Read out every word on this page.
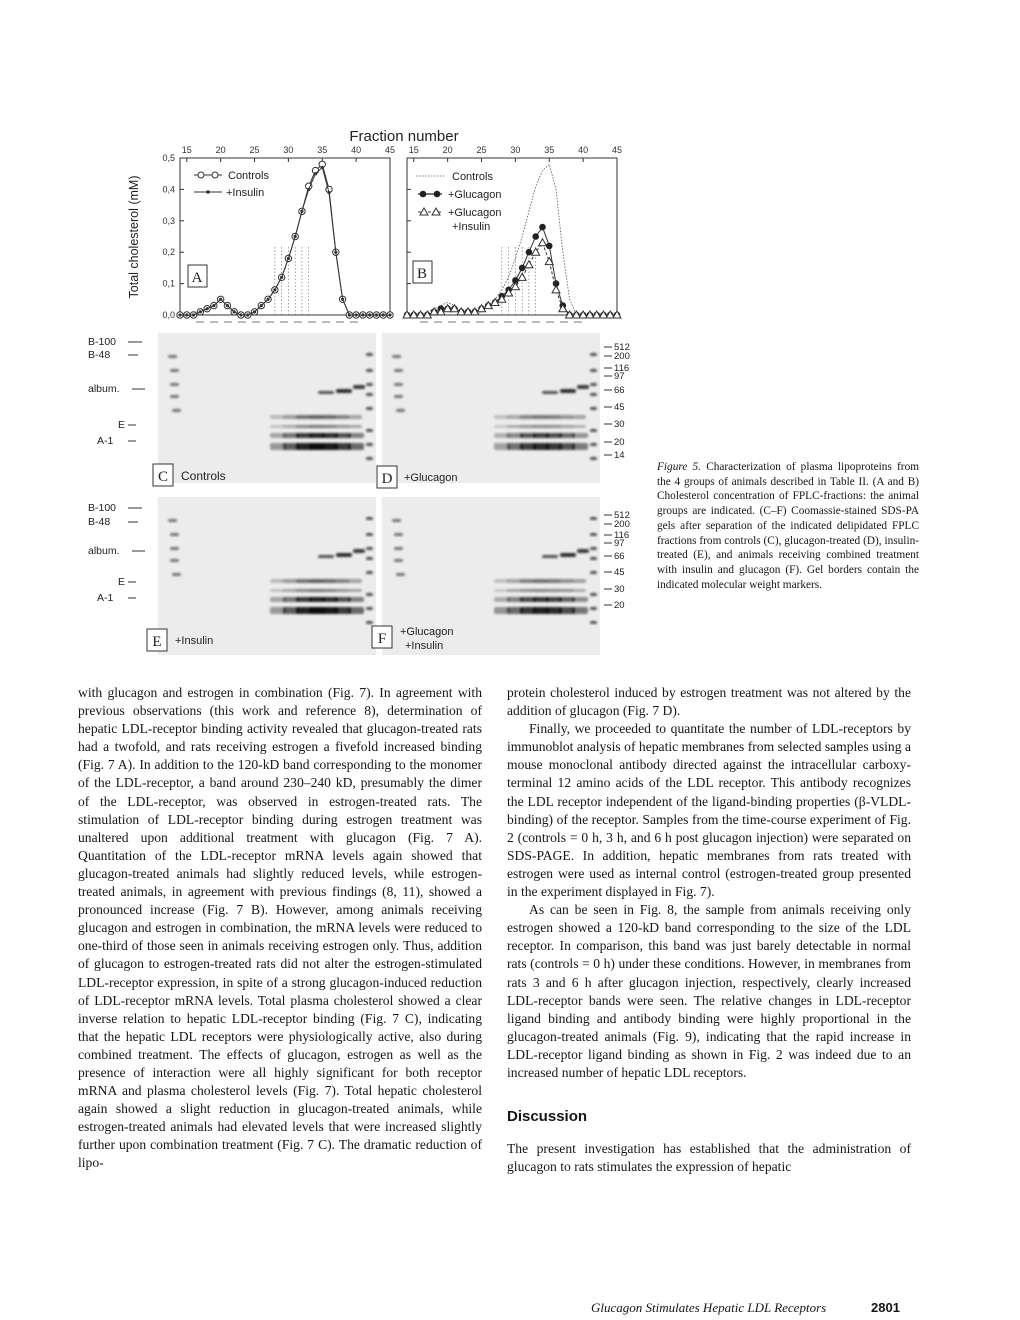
Fraction number
Total cholesterol (mM)
0,5
0,4
0,3
0,2
0,1
0,0
15	20	25	30	35	40	45
Controls
+Insulin
A
15	20	25	30	35	40	45
Controls
+Glucagon
+Glucagon
+Insulin
B
B-100
B-48
album.
E
A-1
B-100
B-48
album.
E
A-1
512
200
116
97
66
45
30
20
14
512
200
116
97
66
45
30
20
C Controls	D +Glucagon
E +Insulin	F +Glucagon
+Insulin
Figure 5. Characterization of plasma lipoproteins from the 4 groups of animals described in Table II. (A and B) Cholesterol concentration of FPLC-fractions: the animal groups are indicated. (C–F) Coomassie-stained SDS-PA gels after separation of the indicated delipidated FPLC fractions from controls (C), glucagon-treated (D), insulin-treated (E), and animals receiving combined treatment with insulin and glucagon (F). Gel borders contain the indicated molecular weight markers.

with glucagon and estrogen in combination (Fig. 7). In agreement with previous observations (this work and reference 8), determination of hepatic LDL-receptor binding activity revealed that glucagon-treated rats had a twofold, and rats receiving estrogen a fivefold increased binding (Fig. 7 A). In addition to the 120-kD band corresponding to the monomer of the LDL-receptor, a band around 230–240 kD, presumably the dimer of the LDL-receptor, was observed in estrogen-treated rats. The stimulation of LDL-receptor binding during estrogen treatment was unaltered upon additional treatment with glucagon (Fig. 7 A). Quantitation of the LDL-receptor mRNA levels again showed that glucagon-treated animals had slightly reduced levels, while estrogen-treated animals, in agreement with previous findings (8, 11), showed a pronounced increase (Fig. 7 B). However, among animals receiving glucagon and estrogen in combination, the mRNA levels were reduced to one-third of those seen in animals receiving estrogen only. Thus, addition of glucagon to estrogen-treated rats did not alter the estrogen-stimulated LDL-receptor expression, in spite of a strong glucagon-induced reduction of LDL-receptor mRNA levels. Total plasma cholesterol showed a clear inverse relation to hepatic LDL-receptor binding (Fig. 7 C), indicating that the hepatic LDL receptors were physiologically active, also during combined treatment. The effects of glucagon, estrogen as well as the presence of interaction were all highly significant for both receptor mRNA and plasma cholesterol levels (Fig. 7). Total hepatic cholesterol again showed a slight reduction in glucagon-treated animals, while estrogen-treated animals had elevated levels that were increased slightly further upon combination treatment (Fig. 7 C). The dramatic reduction of lipo-

protein cholesterol induced by estrogen treatment was not altered by the addition of glucagon (Fig. 7 D).

Finally, we proceeded to quantitate the number of LDL-receptors by immunoblot analysis of hepatic membranes from selected samples using a mouse monoclonal antibody directed against the intracellular carboxy-terminal 12 amino acids of the LDL receptor. This antibody recognizes the LDL receptor independent of the ligand-binding properties (β-VLDL-binding) of the receptor. Samples from the time-course experiment of Fig. 2 (controls = 0 h, 3 h, and 6 h post glucagon injection) were separated on SDS-PAGE. In addition, hepatic membranes from rats treated with estrogen were used as internal control (estrogen-treated group presented in the experiment displayed in Fig. 7).

As can be seen in Fig. 8, the sample from animals receiving only estrogen showed a 120-kD band corresponding to the size of the LDL receptor. In comparison, this band was just barely detectable in normal rats (controls = 0 h) under these conditions. However, in membranes from rats 3 and 6 h after glucagon injection, respectively, clearly increased LDL-receptor bands were seen. The relative changes in LDL-receptor ligand binding and antibody binding were highly proportional in the glucagon-treated animals (Fig. 9), indicating that the rapid increase in LDL-receptor ligand binding as shown in Fig. 2 was indeed due to an increased number of hepatic LDL receptors.

Discussion

The present investigation has established that the administration of glucagon to rats stimulates the expression of hepatic

Glucagon Stimulates Hepatic LDL Receptors	2801
